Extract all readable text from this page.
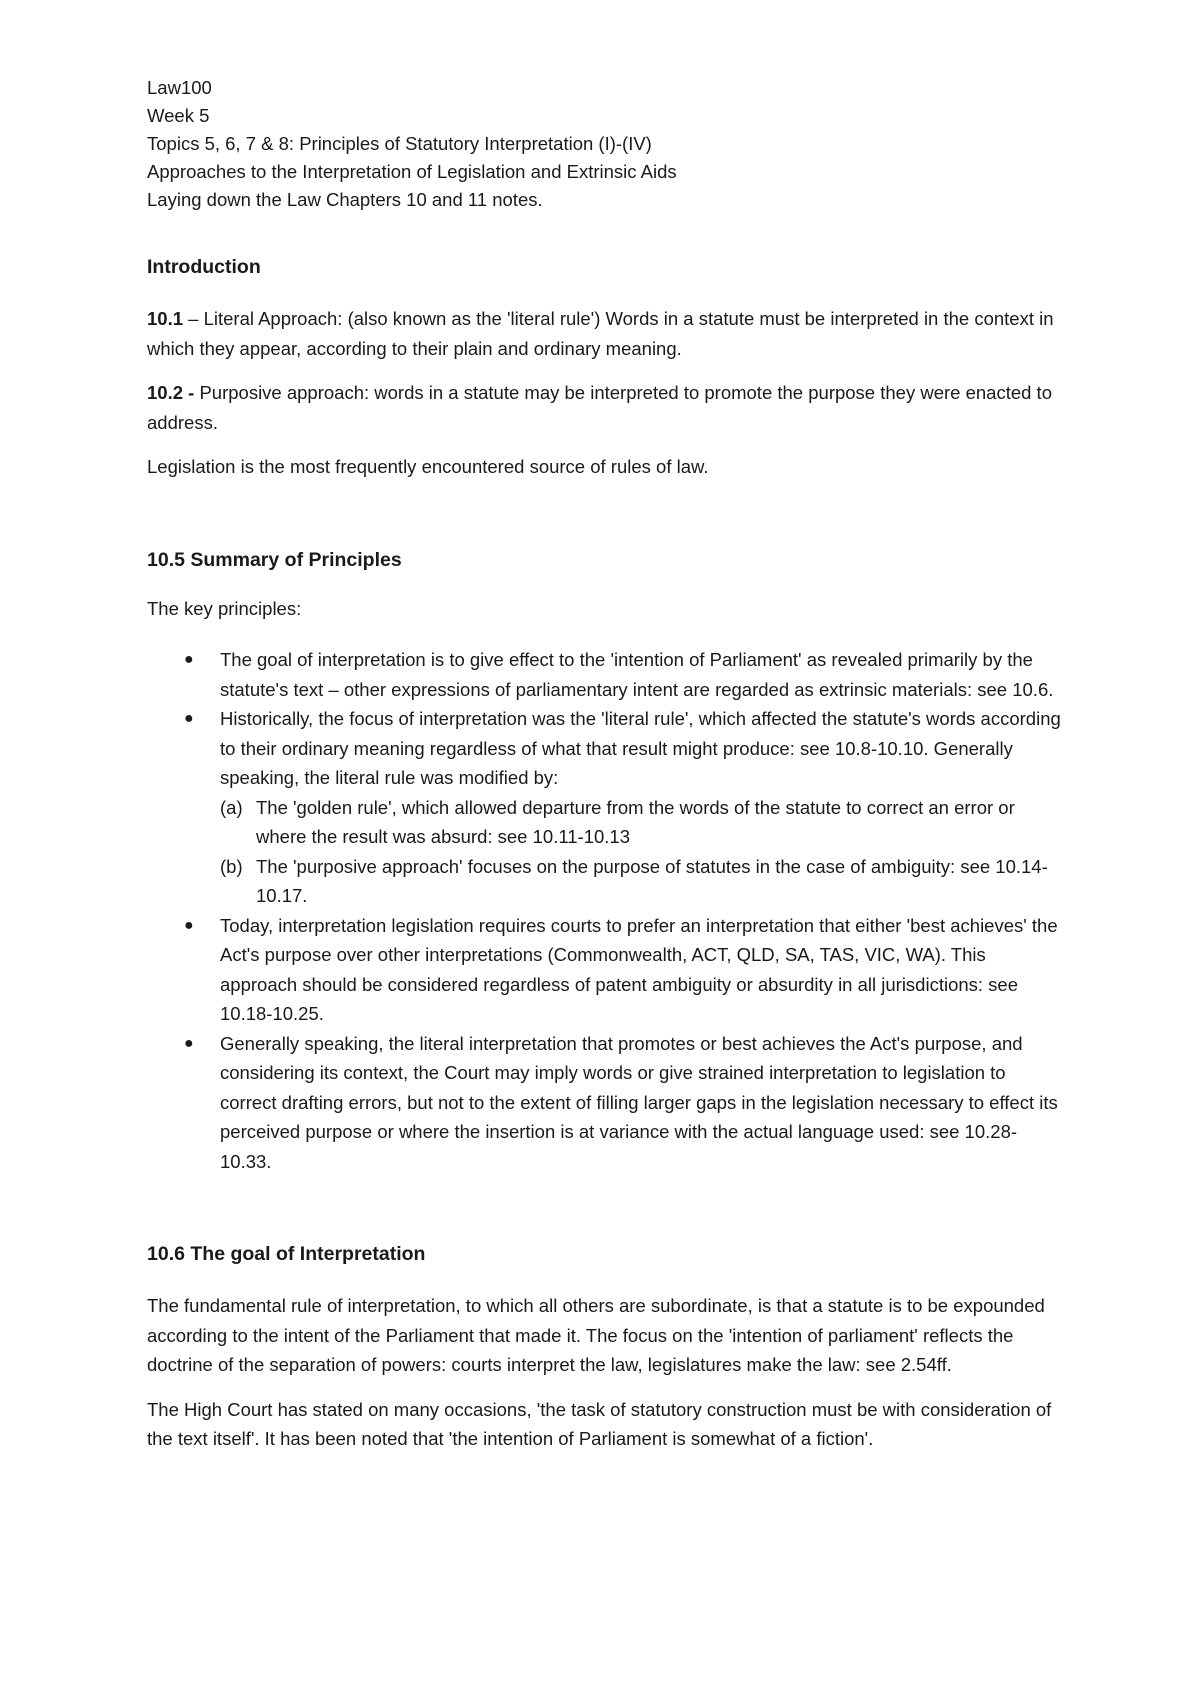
Law100
Week 5
Topics 5, 6, 7 & 8: Principles of Statutory Interpretation (I)-(IV)
Approaches to the Interpretation of Legislation and Extrinsic Aids
Laying down the Law Chapters 10 and 11 notes.
Introduction

10.1 – Literal Approach: (also known as the 'literal rule') Words in a statute must be interpreted in the context in which they appear, according to their plain and ordinary meaning.

10.2 - Purposive approach: words in a statute may be interpreted to promote the purpose they were enacted to address.

Legislation is the most frequently encountered source of rules of law.

10.5 Summary of Principles

The key principles:

● The goal of interpretation is to give effect to the 'intention of Parliament' as revealed primarily by the statute's text – other expressions of parliamentary intent are regarded as extrinsic materials: see 10.6.
● Historically, the focus of interpretation was the 'literal rule', which affected the statute's words according to their ordinary meaning regardless of what that result might produce: see 10.8-10.10. Generally speaking, the literal rule was modified by:
(a) The 'golden rule', which allowed departure from the words of the statute to correct an error or where the result was absurd: see 10.11-10.13
(b) The 'purposive approach' focuses on the purpose of statutes in the case of ambiguity: see 10.14-10.17.
● Today, interpretation legislation requires courts to prefer an interpretation that either 'best achieves' the Act's purpose over other interpretations (Commonwealth, ACT, QLD, SA, TAS, VIC, WA). This approach should be considered regardless of patent ambiguity or absurdity in all jurisdictions: see 10.18-10.25.
● Generally speaking, the literal interpretation that promotes or best achieves the Act's purpose, and considering its context, the Court may imply words or give strained interpretation to legislation to correct drafting errors, but not to the extent of filling larger gaps in the legislation necessary to effect its perceived purpose or where the insertion is at variance with the actual language used: see 10.28-10.33.
10.6 The goal of Interpretation

The fundamental rule of interpretation, to which all others are subordinate, is that a statute is to be expounded according to the intent of the Parliament that made it. The focus on the 'intention of parliament' reflects the doctrine of the separation of powers: courts interpret the law, legislatures make the law: see 2.54ff.

The High Court has stated on many occasions, 'the task of statutory construction must be with consideration of the text itself'. It has been noted that 'the intention of Parliament is somewhat of a fiction'.
